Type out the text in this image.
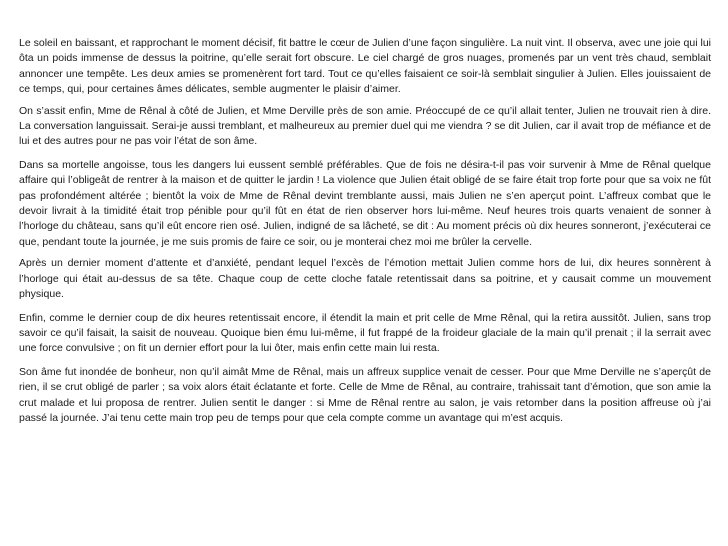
Le soleil en baissant, et rapprochant le moment décisif, fit battre le cœur de Julien d’une façon singulière. La nuit vint. Il observa, avec une joie qui lui ôta un poids immense de dessus la poitrine, qu’elle serait fort obscure. Le ciel chargé de gros nuages, promenés par un vent très chaud, semblait annoncer une tempête. Les deux amies se promenèrent fort tard. Tout ce qu’elles faisaient ce soir-là semblait singulier à Julien. Elles jouissaient de ce temps, qui, pour certaines âmes délicates, semble augmenter le plaisir d’aimer.

On s’assit enfin, Mme de Rênal à côté de Julien, et Mme Derville près de son amie. Préoccupé de ce qu’il allait tenter, Julien ne trouvait rien à dire. La conversation languissait. Serai-je aussi tremblant, et malheureux au premier duel qui me viendra ? se dit Julien, car il avait trop de méfiance et de lui et des autres pour ne pas voir l’état de son âme.

Dans sa mortelle angoisse, tous les dangers lui eussent semblé préférables. Que de fois ne désira-t-il pas voir survenir à Mme de Rênal quelque affaire qui l’obligeât de rentrer à la maison et de quitter le jardin ! La violence que Julien était obligé de se faire était trop forte pour que sa voix ne fût pas profondément altérée ; bientôt la voix de Mme de Rênal devint tremblante aussi, mais Julien ne s’en aperçut point. L’affreux combat que le devoir livrait à la timidité était trop pénible pour qu’il fût en état de rien observer hors lui-même. Neuf heures trois quarts venaient de sonner à l’horloge du château, sans qu’il eût encore rien osé. Julien, indigné de sa lâcheté, se dit : Au moment précis où dix heures sonneront, j’exécuterai ce que, pendant toute la journée, je me suis promis de faire ce soir, ou je monterai chez moi me brûler la cervelle.

Après un dernier moment d’attente et d’anxiété, pendant lequel l’excès de l’émotion mettait Julien comme hors de lui, dix heures sonnèrent à l’horloge qui était au-dessus de sa tête. Chaque coup de cette cloche fatale retentissait dans sa poitrine, et y causait comme un mouvement physique.

Enfin, comme le dernier coup de dix heures retentissait encore, il étendit la main et prit celle de Mme Rênal, qui la retira aussitôt. Julien, sans trop savoir ce qu’il faisait, la saisit de nouveau. Quoique bien ému lui-même, il fut frappé de la froideur glaciale de la main qu’il prenait ; il la serrait avec une force convulsive ; on fit un dernier effort pour la lui ôter, mais enfin cette main lui resta.

Son âme fut inondée de bonheur, non qu’il aimât Mme de Rênal, mais un affreux supplice venait de cesser. Pour que Mme Derville ne s’aperçût de rien, il se crut obligé de parler ; sa voix alors était éclatante et forte. Celle de Mme de Rênal, au contraire, trahissait tant d’émotion, que son amie la crut malade et lui proposa de rentrer. Julien sentit le danger : si Mme de Rênal rentre au salon, je vais retomber dans la position affreuse où j’ai passé la journée. J’ai tenu cette main trop peu de temps pour que cela compte comme un avantage qui m’est acquis.
